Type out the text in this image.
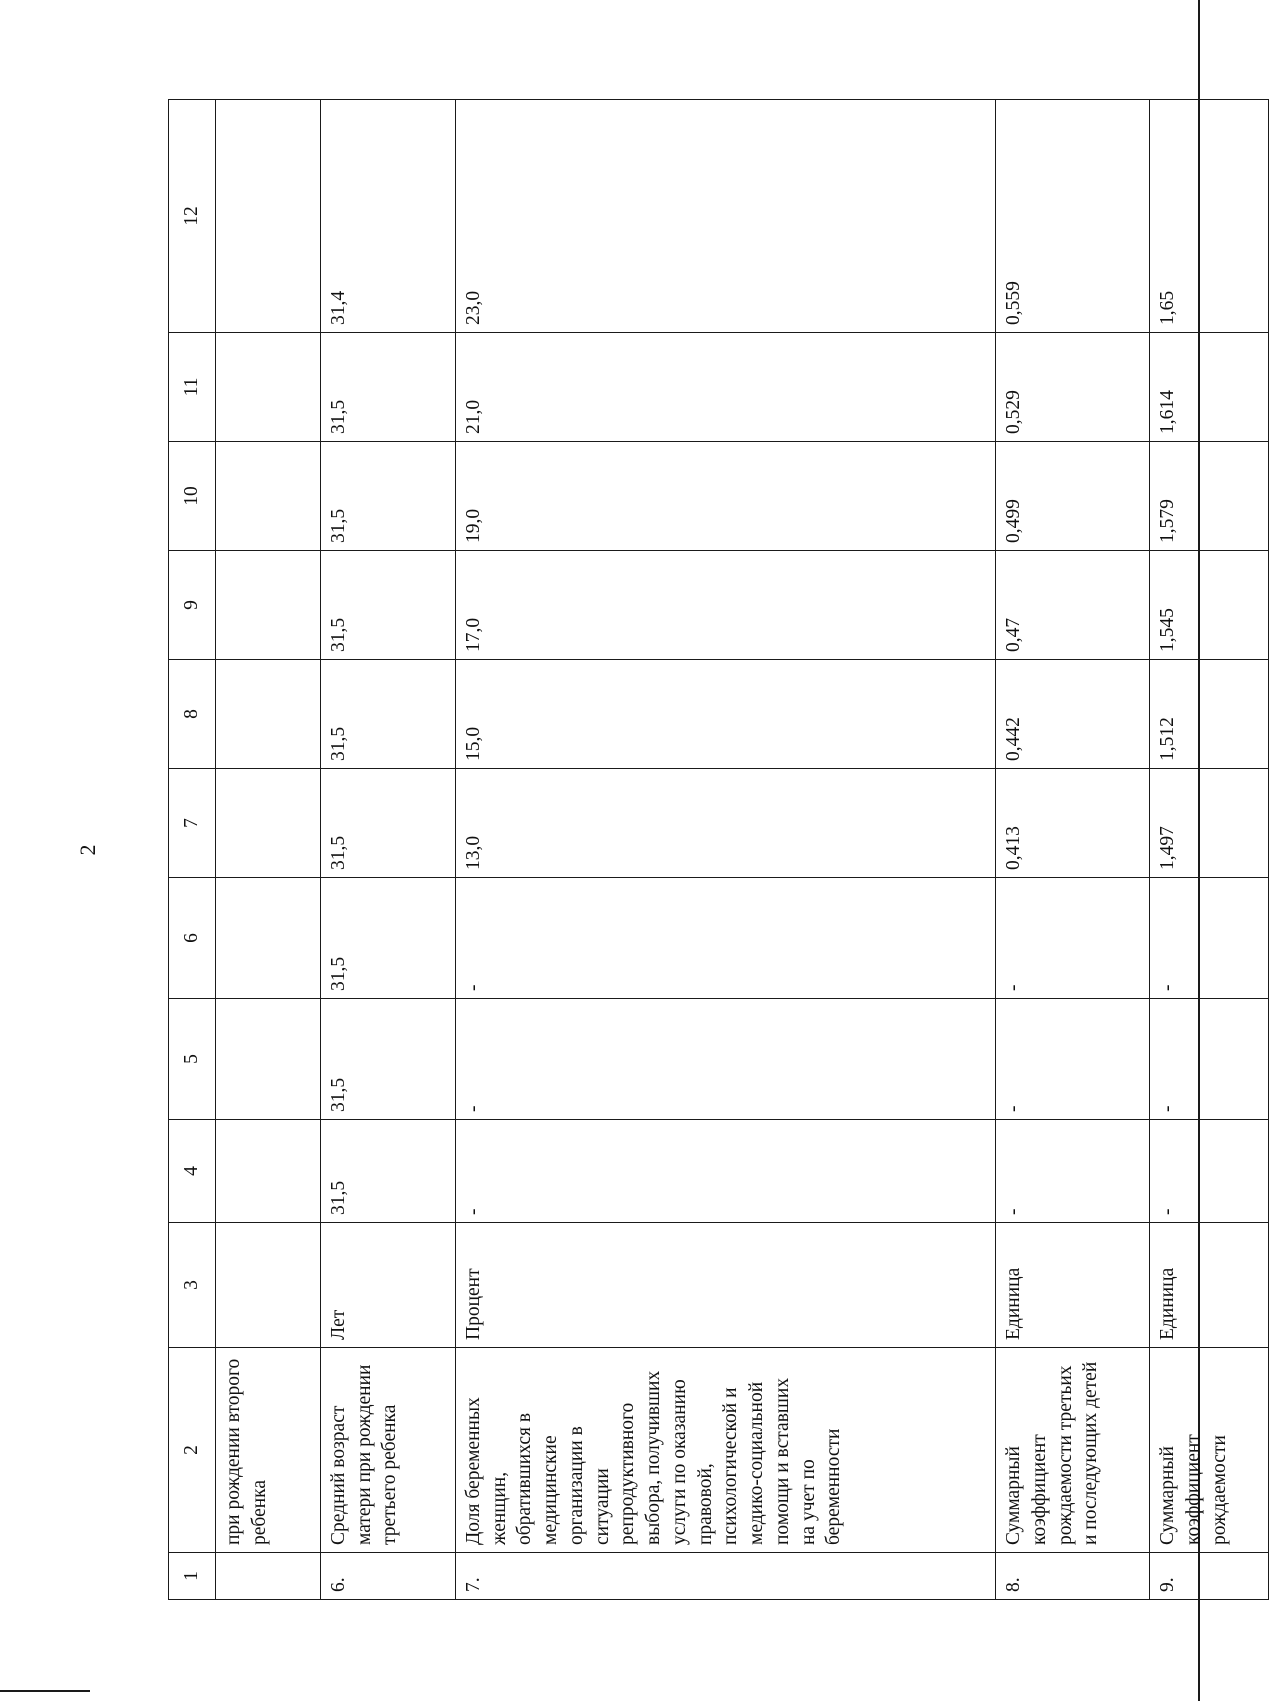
2
1	2	3	4	5	6	7	8	9	10	11	12
	при рождении второго ребенка										
6.	Средний возраст матери при рождении третьего ребенка	Лет	31,5	31,5	31,5	31,5	31,5	31,5	31,5	31,5	31,4
7.	Доля беременных женщин, обратившихся в медицинские организации в ситуации репродуктивного выбора, получивших услуги по оказанию правовой, психологической и медико-социальной помощи и вставших на учет по беременности	Процент	-	-	-	13,0	15,0	17,0	19,0	21,0	23,0
8.	Суммарный коэффициент рождаемости третьих и последующих детей	Единица	-	-	-	0,413	0,442	0,47	0,499	0,529	0,559
9.	Суммарный коэффициент рождаемости	Единица	-	-	-	1,497	1,512	1,545	1,579	1,614	1,65
